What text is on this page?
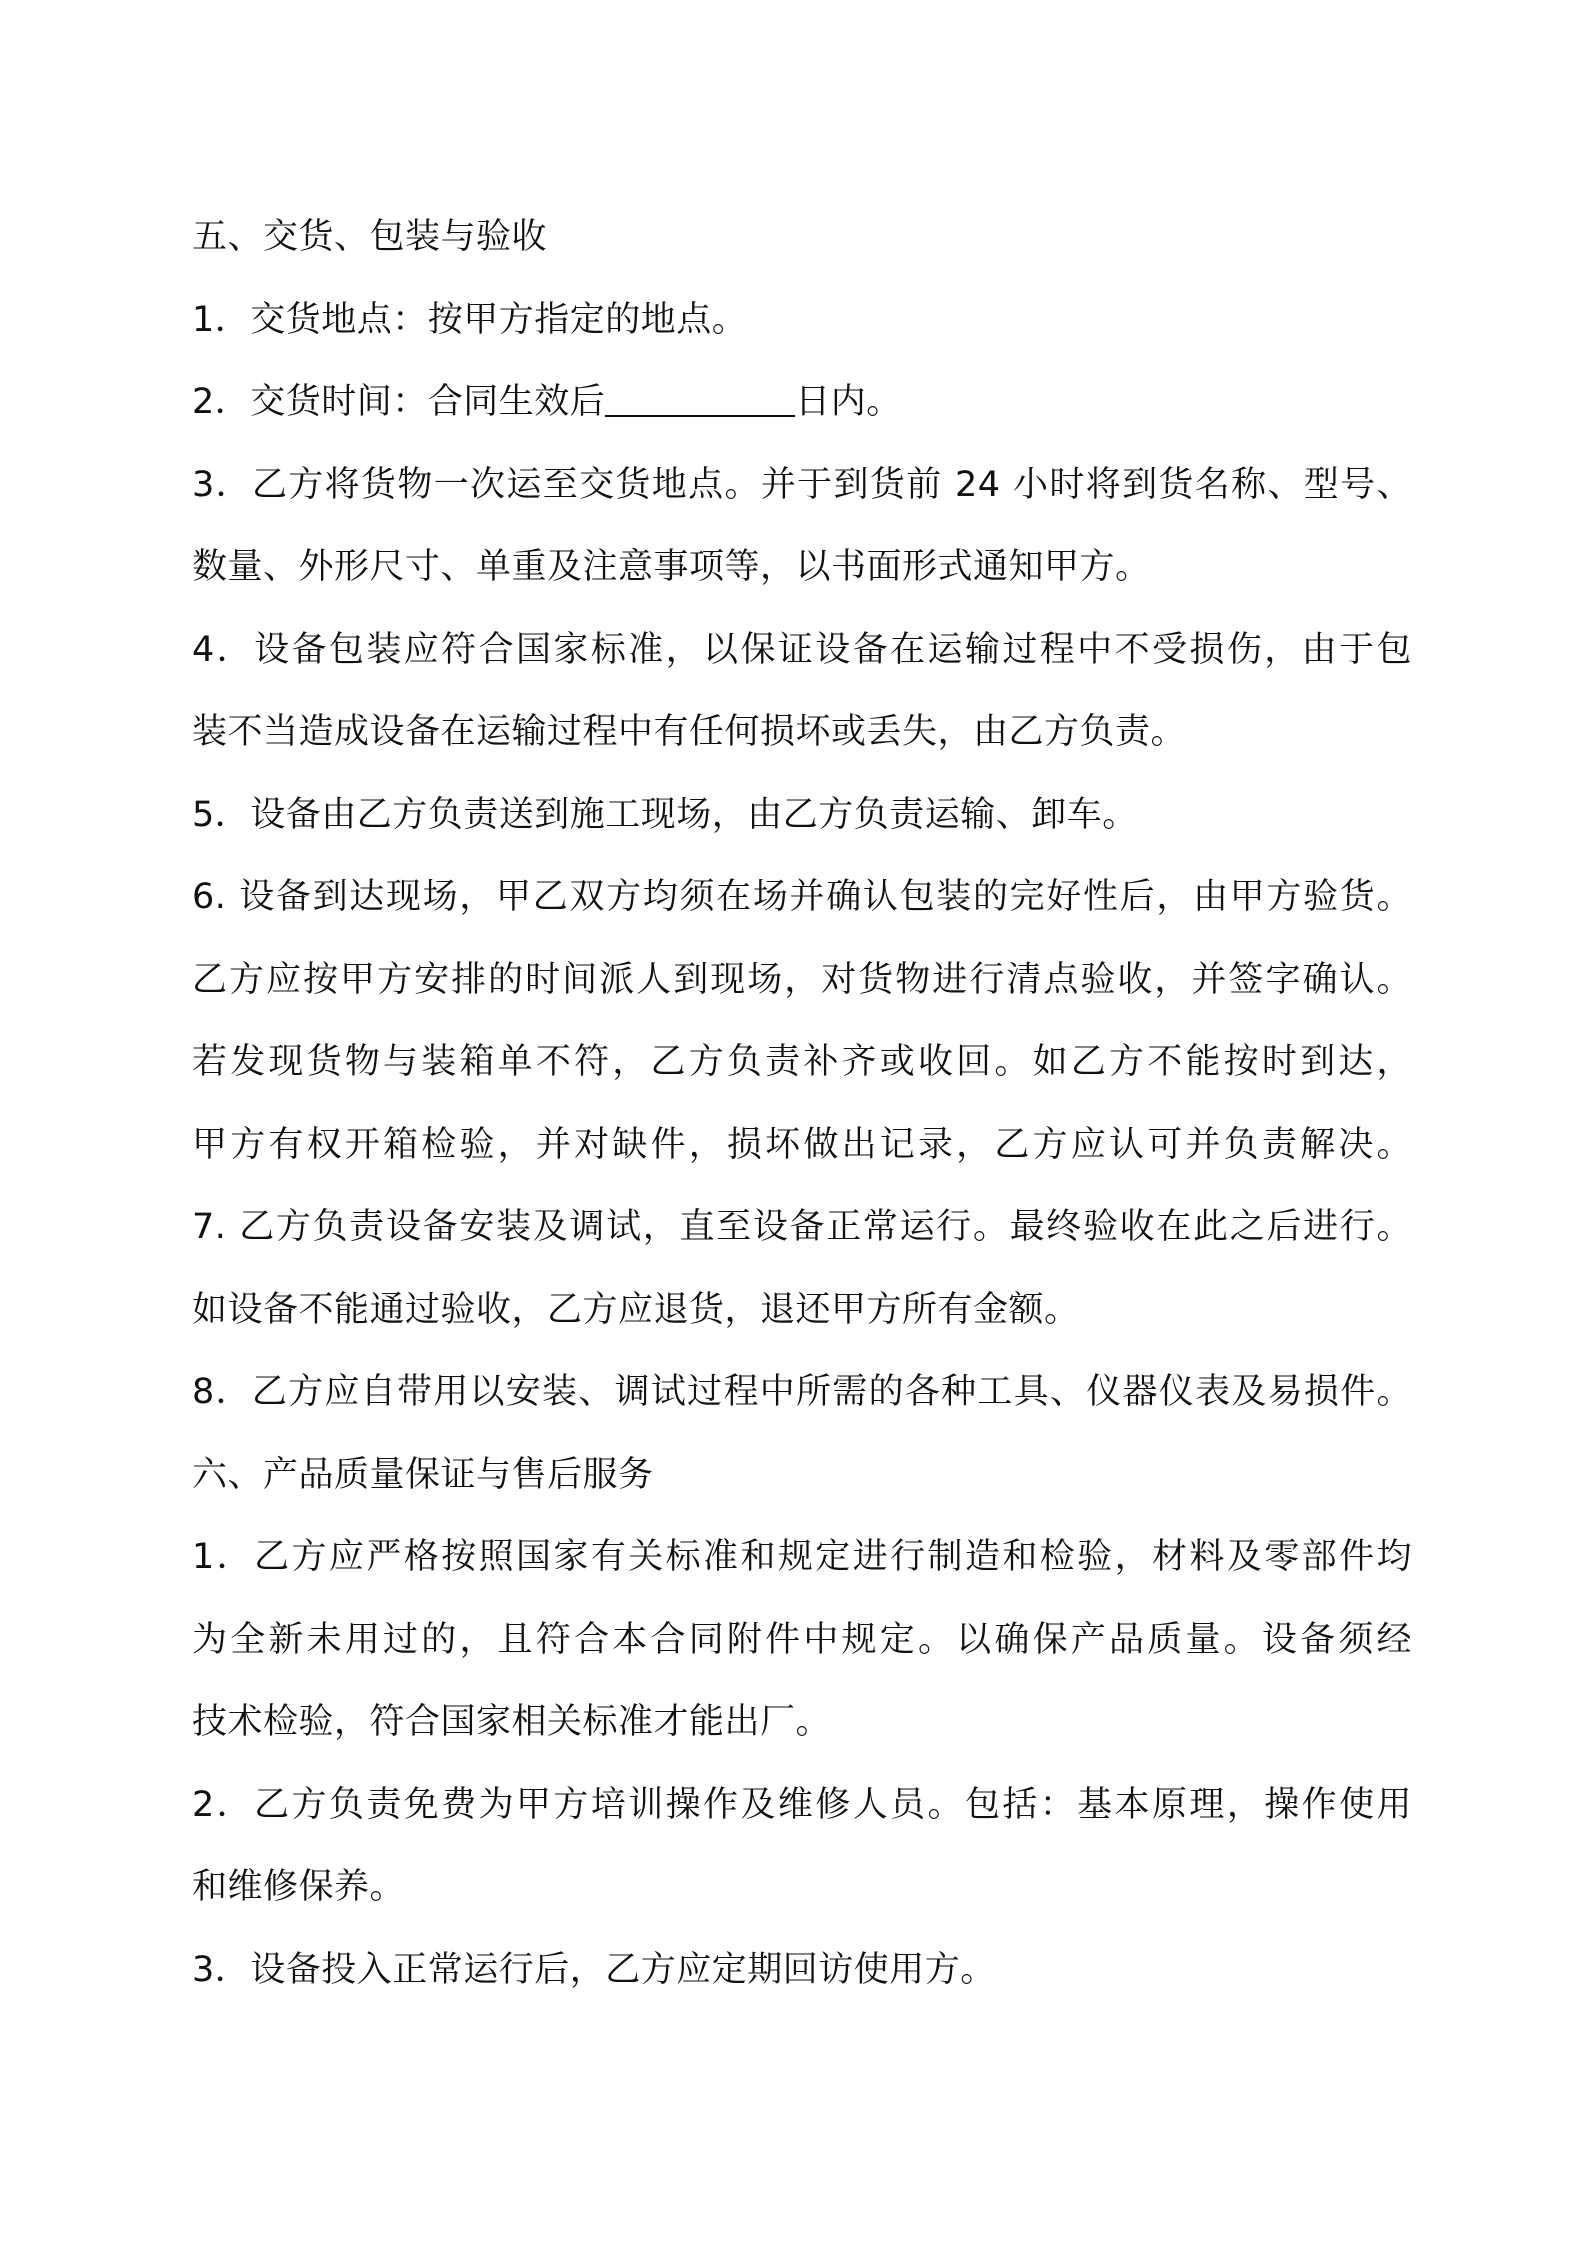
五、交货、包装与验收
1．交货地点：按甲方指定的地点。
2．交货时间：合同生效后	日内。
3．乙方将货物一次运至交货地点。并于到货前 24 小时将到货名称、型号、
数量、外形尺寸、单重及注意事项等，以书面形式通知甲方。
4．设备包装应符合国家标准，以保证设备在运输过程中不受损伤，由于包
装不当造成设备在运输过程中有任何损坏或丢失，由乙方负责。
5．设备由乙方负责送到施工现场，由乙方负责运输、卸车。
6. 设备到达现场，甲乙双方均须在场并确认包装的完好性后，由甲方验货。
乙方应按甲方安排的时间派人到现场，对货物进行清点验收，并签字确认。
若发现货物与装箱单不符，乙方负责补齐或收回。如乙方不能按时到达，
甲方有权开箱检验，并对缺件，损坏做出记录，乙方应认可并负责解决。
7. 乙方负责设备安装及调试，直至设备正常运行。最终验收在此之后进行。
如设备不能通过验收，乙方应退货，退还甲方所有金额。
8．乙方应自带用以安装、调试过程中所需的各种工具、仪器仪表及易损件。
六、产品质量保证与售后服务
1．乙方应严格按照国家有关标准和规定进行制造和检验，材料及零部件均
为全新未用过的，且符合本合同附件中规定。以确保产品质量。设备须经
技术检验，符合国家相关标准才能出厂。
2．乙方负责免费为甲方培训操作及维修人员。包括：基本原理，操作使用
和维修保养。
3．设备投入正常运行后，乙方应定期回访使用方。
